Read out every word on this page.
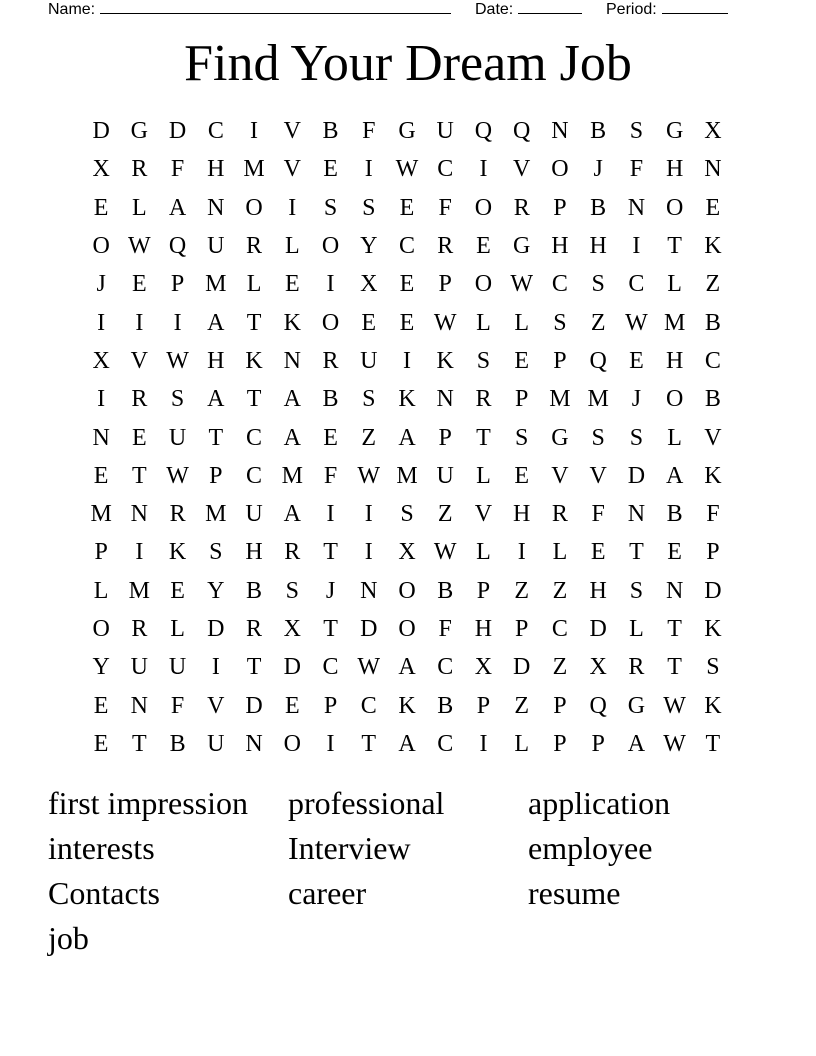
Name:	Date:	Period:
Find Your Dream Job
D G D C	I	V B F G U Q Q N B S G X
X R F H M V E	I W C	I	V O	J	F H N
E L A N O	I	S	S	E	F O R P B N O E
O W Q U R L O Y C R E G H H	I	T K
J	E	P M L E	I	X E	P O W C S C L Z
I	I	I	A T K O E E W L L	S	Z W M B
X V W H K N R U	I	K S	E	P Q E H C
I	R S A T A B S K N R P M M J	O B
N E U T C A E Z A P	T	S G S	S	L V
E T W P C M F W M U L E V V D A K
M N R M U A	I	I	S	Z V H R F N B F
P	I	K S H R T	I	X W L	I	L E T E	P
L M E Y B S	J	N O B P	Z Z H S N D
O R L D R X T D O F H P C D L T K
Y U U	I	T D C W A C X D Z X R T	S
E N F V D E	P C K B P	Z	P Q G W K
E T B U N O	I	T A C	I	L	P	P A W T
first impression	professional	application
interests	Interview	employee
Contacts	career	resume
job
